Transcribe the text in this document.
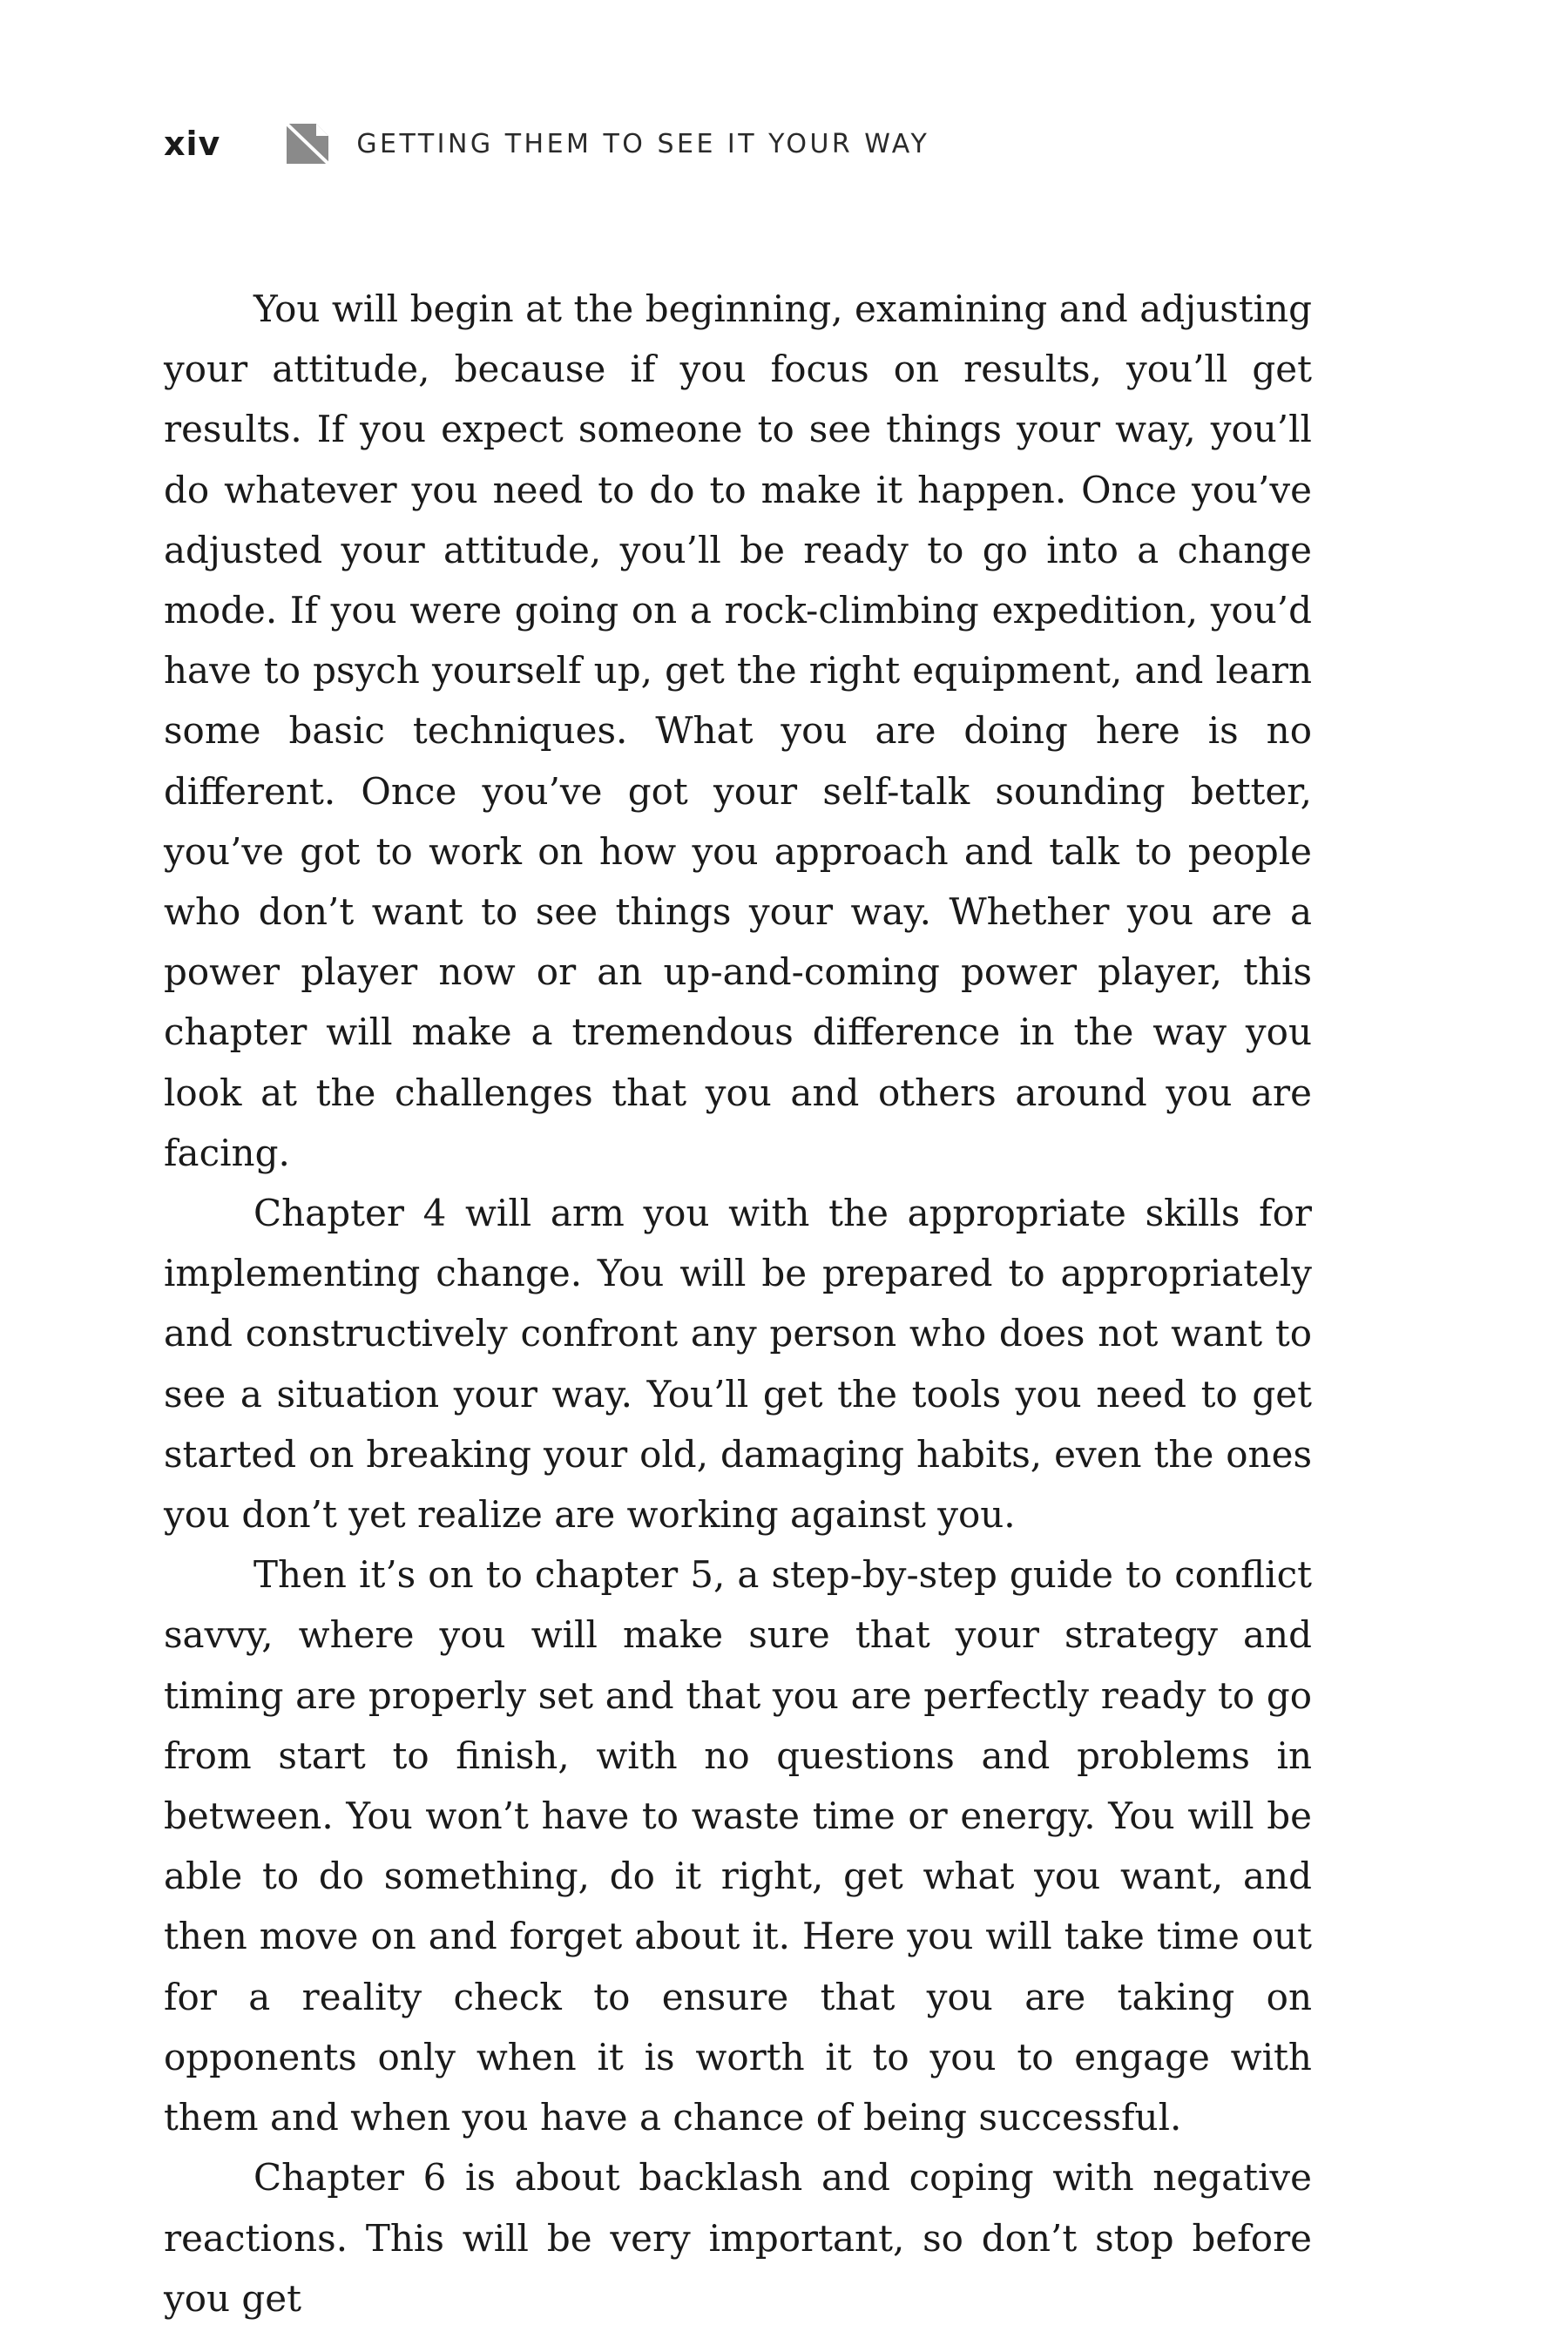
xiv	GETTING THEM TO SEE IT YOUR WAY

You will begin at the beginning, examining and adjusting your attitude, because if you focus on results, you’ll get results. If you expect someone to see things your way, you’ll do whatever you need to do to make it happen. Once you’ve adjusted your attitude, you’ll be ready to go into a change mode. If you were going on a rock-climbing expedition, you’d have to psych yourself up, get the right equipment, and learn some basic techniques. What you are doing here is no different. Once you’ve got your self-talk sounding better, you’ve got to work on how you approach and talk to people who don’t want to see things your way. Whether you are a power player now or an up-and-coming power player, this chapter will make a tremendous difference in the way you look at the challenges that you and others around you are facing.

Chapter 4 will arm you with the appropriate skills for implementing change. You will be prepared to appropriately and constructively confront any person who does not want to see a situation your way. You’ll get the tools you need to get started on breaking your old, damaging habits, even the ones you don’t yet realize are working against you.

Then it’s on to chapter 5, a step-by-step guide to conflict savvy, where you will make sure that your strategy and timing are properly set and that you are perfectly ready to go from start to finish, with no questions and problems in between. You won’t have to waste time or energy. You will be able to do something, do it right, get what you want, and then move on and forget about it. Here you will take time out for a reality check to ensure that you are taking on opponents only when it is worth it to you to engage with them and when you have a chance of being successful.

Chapter 6 is about backlash and coping with negative reactions. This will be very important, so don’t stop before you get
